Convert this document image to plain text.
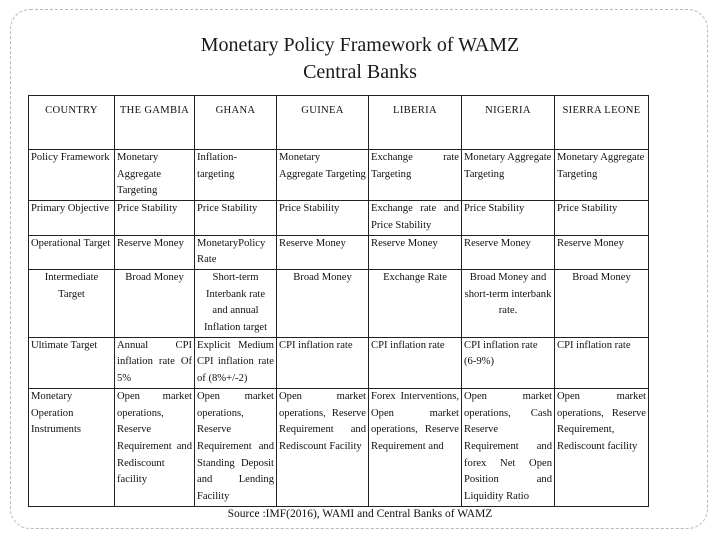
Monetary Policy Framework of WAMZ
Central Banks
COUNTRY	THE GAMBIA	GHANA	GUINEA	LIBERIA	NIGERIA	SIERRA LEONE
Policy Framework	Monetary Aggregate Targeting	Inflation-targeting	Monetary Aggregate Targeting	Exchange rate Targeting	Monetary Aggregate Targeting	Monetary Aggregate Targeting
Primary Objective	Price Stability	Price Stability	Price Stability	Exchange rate and Price Stability	Price Stability	Price Stability
Operational Target	Reserve Money	MonetaryPolicy Rate	Reserve Money	Reserve Money	Reserve Money	Reserve Money
Intermediate Target	Broad Money	Short-term Interbank rate and annual Inflation target	Broad Money	Exchange Rate	Broad Money and short-term interbank rate.	Broad Money
Ultimate Target	Annual CPI inflation rate Of 5%	Explicit Medium CPI inflation rate of (8%+/-2)	CPI inflation rate	CPI inflation rate	CPI inflation rate (6-9%)	CPI inflation rate
Monetary Operation Instruments	Open market operations, Reserve Requirement and Rediscount facility	Open market operations, Reserve Requirement and Standing Deposit and Lending Facility	Open market operations, Reserve Requirement and Rediscount Facility	Forex Interventions, Open market operations, Reserve Requirement and	Open market operations, Cash Reserve Requirement and forex Net Open Position and Liquidity Ratio	Open market operations, Reserve Requirement, Rediscount facility
Source :IMF(2016), WAMI and Central Banks of WAMZ
